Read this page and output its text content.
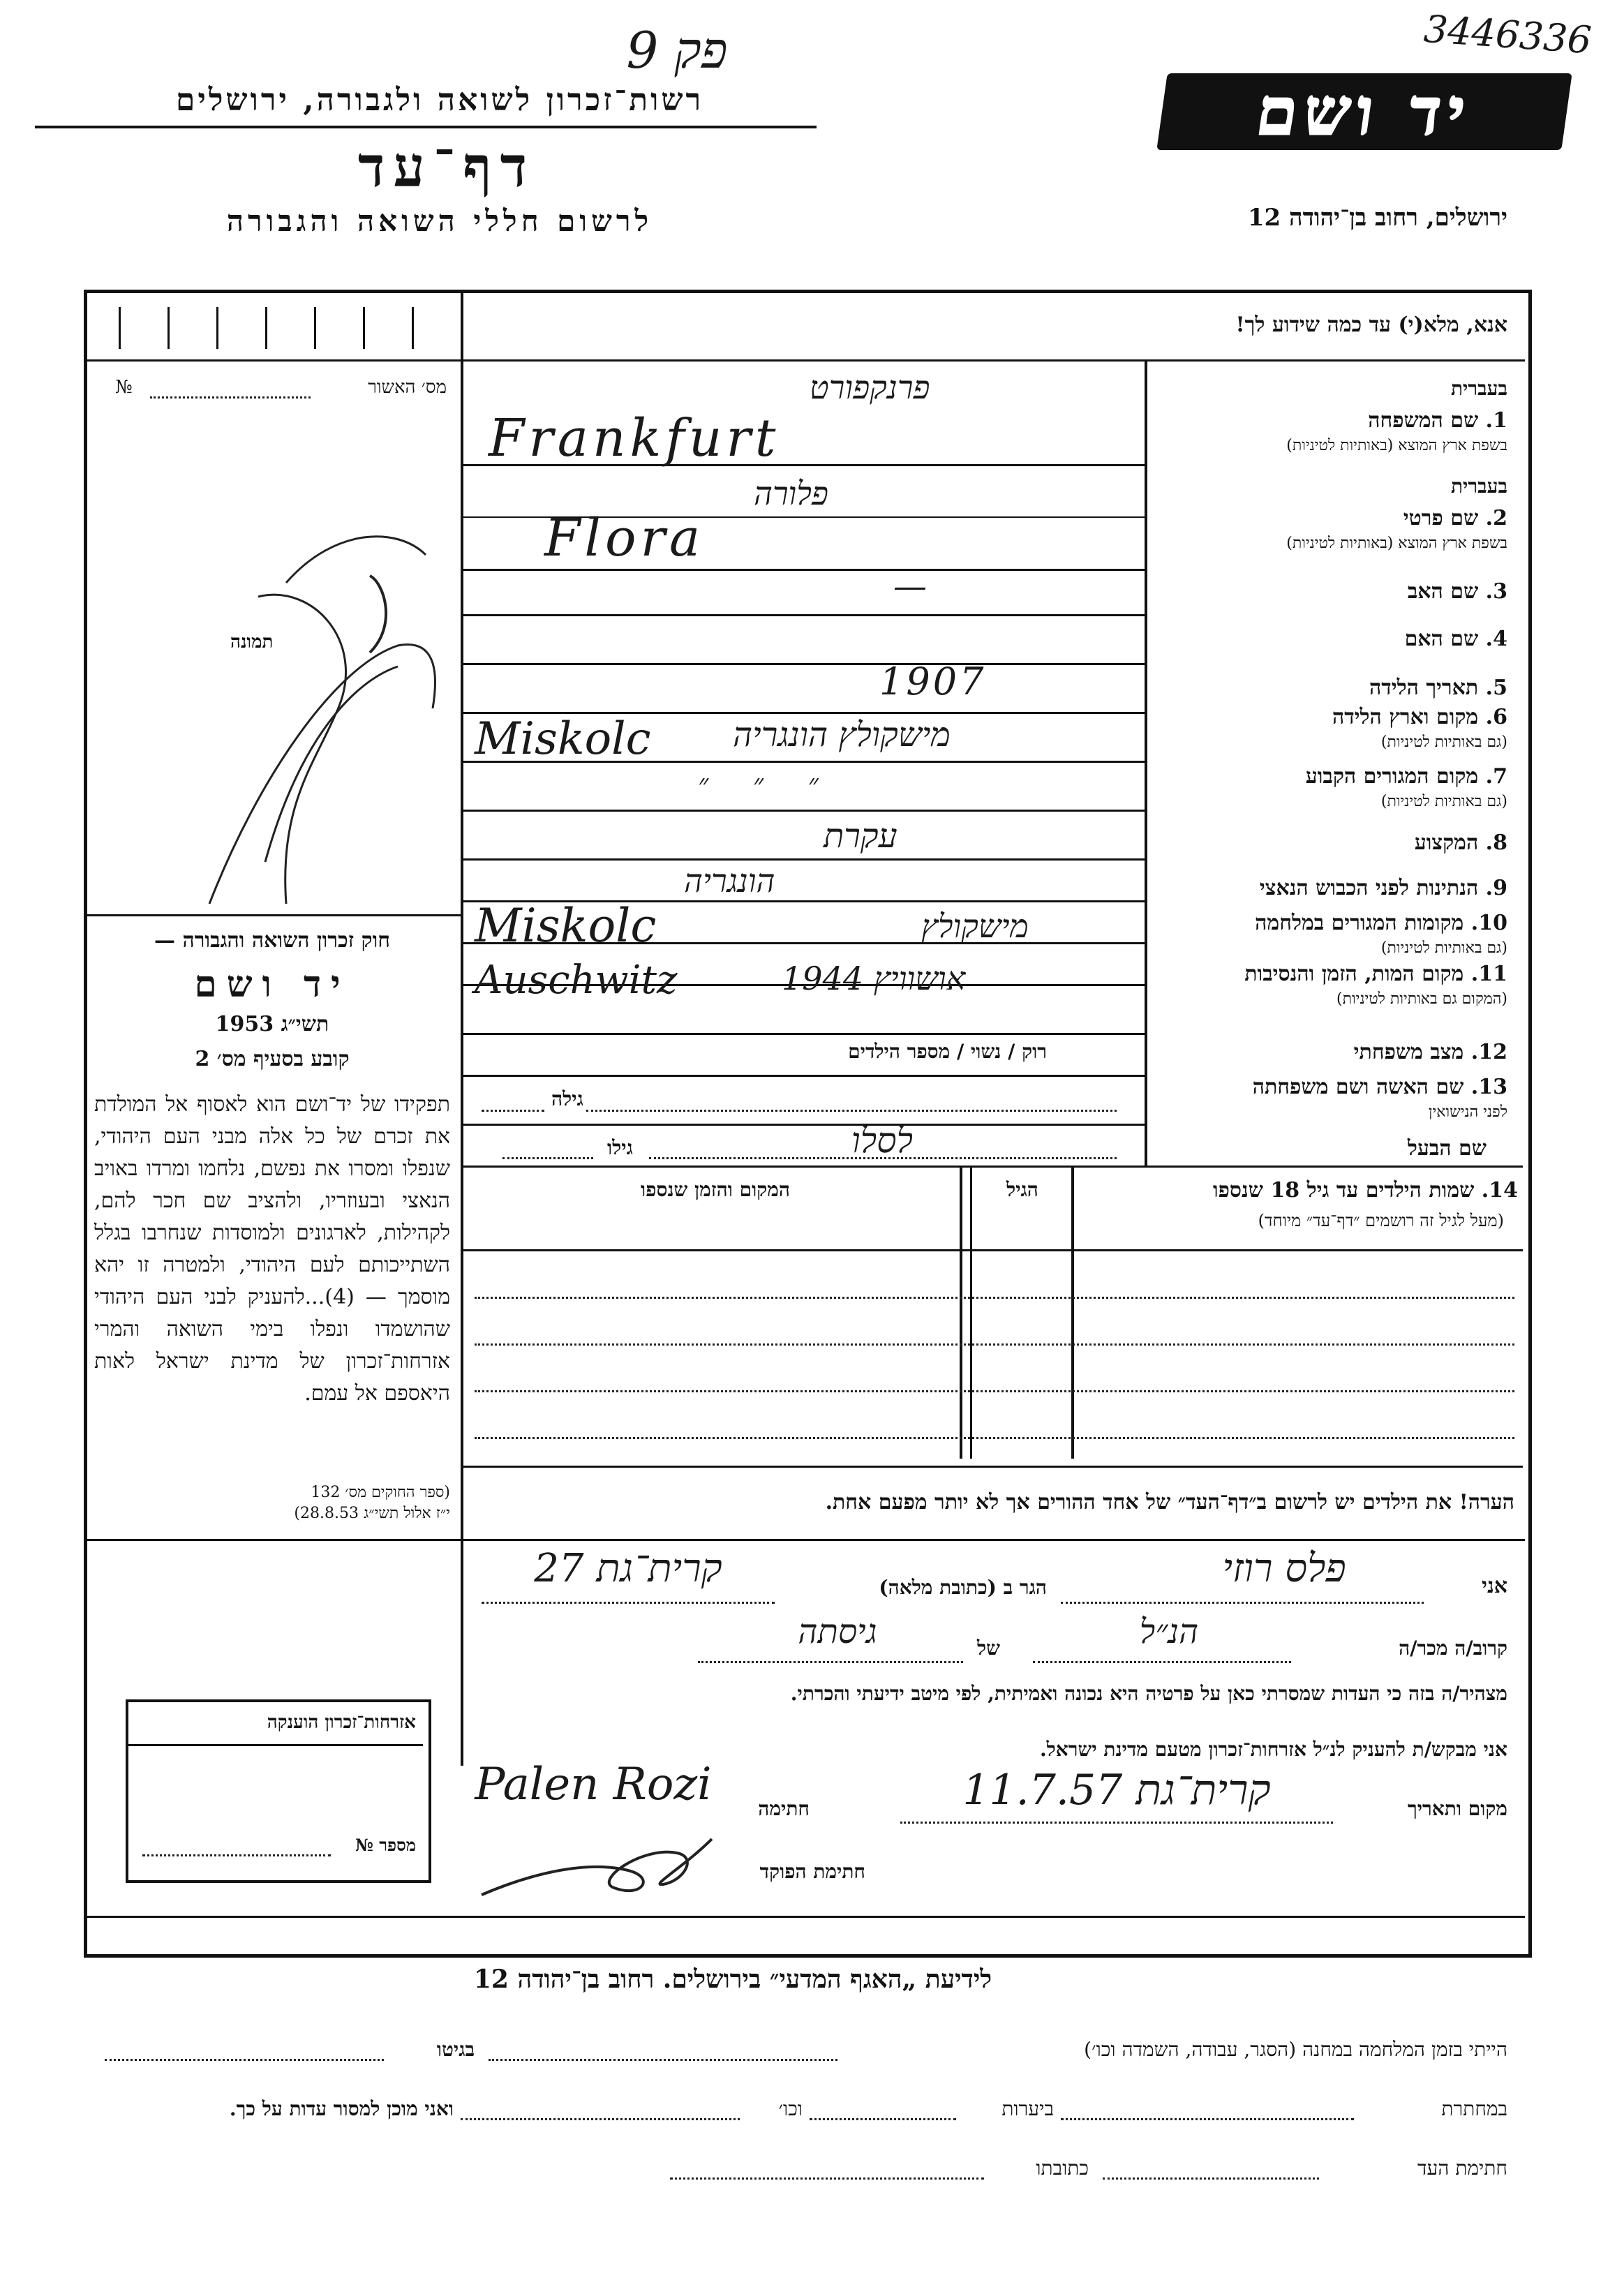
3446336
פק 9
רשות־זכרון לשואה ולגבורה, ירושלים
דף־עד
לרשום חללי השואה והגבורה
יד ושם
ירושלים, רחוב בן־יהודה 12
אנא, מלא(י) עד כמה שידוע לך!
מס׳ האשור
№
תמונה
חוק זכרון השואה והגבורה —
יד ושם
תשי״ג 1953
קובע בסעיף מס׳ 2
תפקידו של יד־ושם הוא לאסוף אל המולדת את זכרם של כל אלה מבני העם היהודי, שנפלו ומסרו את נפשם, נלחמו ומרדו באויב הנאצי ובעוזריו, ולהציב שם חכר להם, לקהילות, לארגונים ולמוסדות שנחרבו בגלל השתייכותם לעם היהודי, ולמטרה זו יהא מוסמך — (4)...להעניק לבני העם היהודי שהושמדו ונפלו בימי השואה והמרי אזרחות־זכרון של מדינת ישראל לאות היאספם אל עמם.
(ספר החוקים מס׳ 132
י״ז אלול תשי״ג 28.8.53)
בעברית
1. שם המשפחה
בשפת ארץ המוצא (באותיות לטיניות)
פרנקפורט
Frankfurt
בעברית
2. שם פרטי
בשפת ארץ המוצא (באותיות לטיניות)
פלורה
Flora
3. שם האב
—
4. שם האם
5. תאריך הלידה
1907
6. מקום וארץ הלידה
(גם באותיות לטיניות)
מישקולץ הונגריה
Miskolc
7. מקום המגורים הקבוע
(גם באותיות לטיניות)
״     ״     ״
8. המקצוע
עקרת
9. הנתינות לפני הכבוש הנאצי
הונגריה
10. מקומות המגורים במלחמה
(גם באותיות לטיניות)
מישקולץ
Miskolc
11. מקום המות, הזמן והנסיבות
(המקום גם באותיות לטיניות)
אושוויץ 1944
Auschwitz
12. מצב משפחתי
רוק / נשוי / מספר הילדים
13. שם האשה ושם משפחתה
לפני הנישואין
גילה
שם הבעל
גילו	לסלו
14. שמות הילדים עד גיל 18 שנספו
(מעל לגיל זה רושמים ״דף־עד״ מיוחד)
הגיל
המקום והזמן שנספו
הערה! את הילדים יש לרשום ב״דף־העד״ של אחד ההורים אך לא יותר מפעם אחת.
אני
פלס רוזי
הגר ב (כתובת מלאה)
קרית־גת 27
קרוב/ה מכר/ה
הנ״ל
של
גיסתה
מצהיר/ה בזה כי העדות שמסרתי כאן על פרטיה היא נכונה ואמיתית, לפי מיטב ידיעתי והכרתי.
אני מבקש/ת להעניק לנ״ל אזרחות־זכרון מטעם מדינת ישראל.
מקום ותאריך
קרית־גת 11.7.57
חתימה
Palen Rozi
חתימת הפוקד
אזרחות־זכרון הוענקה
מספר №
לידיעת „האגף המדעי״ בירושלים. רחוב בן־יהודה 12
הייתי בזמן המלחמה במחנה (הסגר, עבודה, השמדה וכו׳)
בגיטו
במחתרת
ביערות
וכו׳
ואני מוכן למסור עדות על כך.
חתימת העד
כתובתו
